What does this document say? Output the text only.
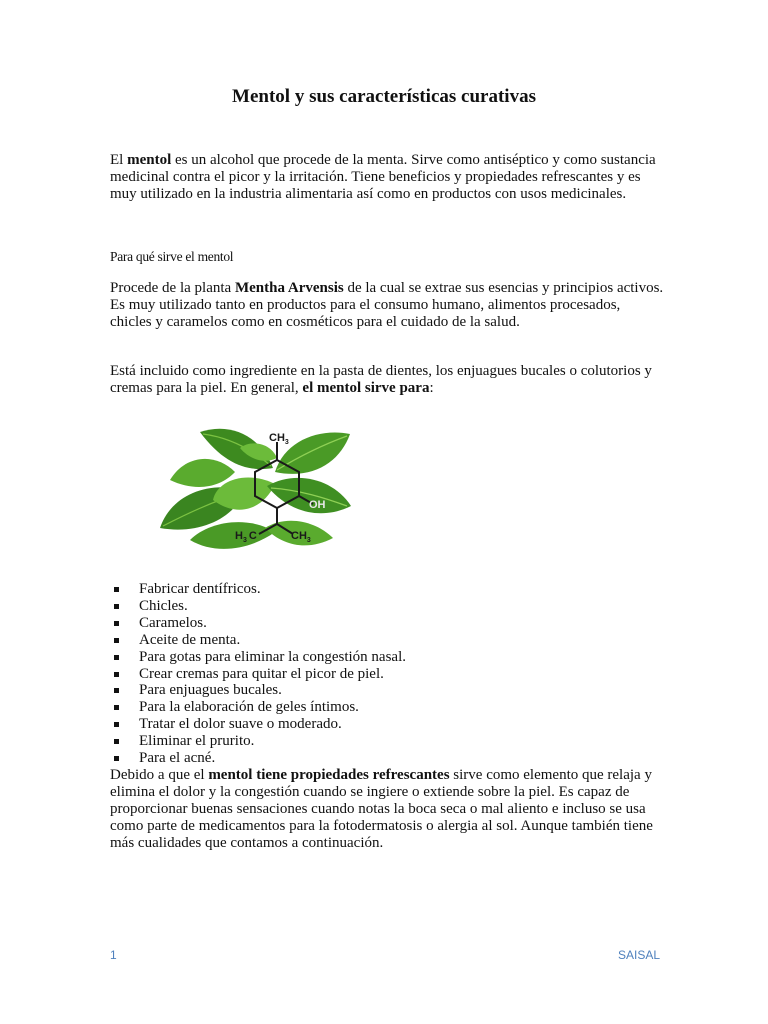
Mentol y sus características curativas
El mentol es un alcohol que procede de la menta. Sirve como antiséptico y como sustancia medicinal contra el picor y la irritación. Tiene beneficios y propiedades refrescantes y es muy utilizado en la industria alimentaria así como en productos con usos medicinales.
Para qué sirve el mentol
Procede de la planta Mentha Arvensis de la cual se extrae sus esencias y principios activos.
Es muy utilizado tanto en productos para el consumo humano, alimentos procesados, chicles y caramelos como en cosméticos para el cuidado de la salud.
Está incluido como ingrediente en la pasta de dientes, los enjuagues bucales o colutorios y cremas para la piel. En general, el mentol sirve para:
$CH_3$
OH
$H_3$ C	$CH_3$
Fabricar dentífricos.
Chicles.
Caramelos.
Aceite de menta.
Para gotas para eliminar la congestión nasal.
Crear cremas para quitar el picor de piel.
Para enjuagues bucales.
Para la elaboración de geles íntimos.
Tratar el dolor suave o moderado.
Eliminar el prurito.
Para el acné.
Debido a que el mentol tiene propiedades refrescantes sirve como elemento que relaja y elimina el dolor y la congestión cuando se ingiere o extiende sobre la piel. Es capaz de proporcionar buenas sensaciones cuando notas la boca seca o mal aliento e incluso se usa como parte de medicamentos para la fotodermatosis o alergia al sol. Aunque también tiene más cualidades que contamos a continuación.
1	SAISAL
